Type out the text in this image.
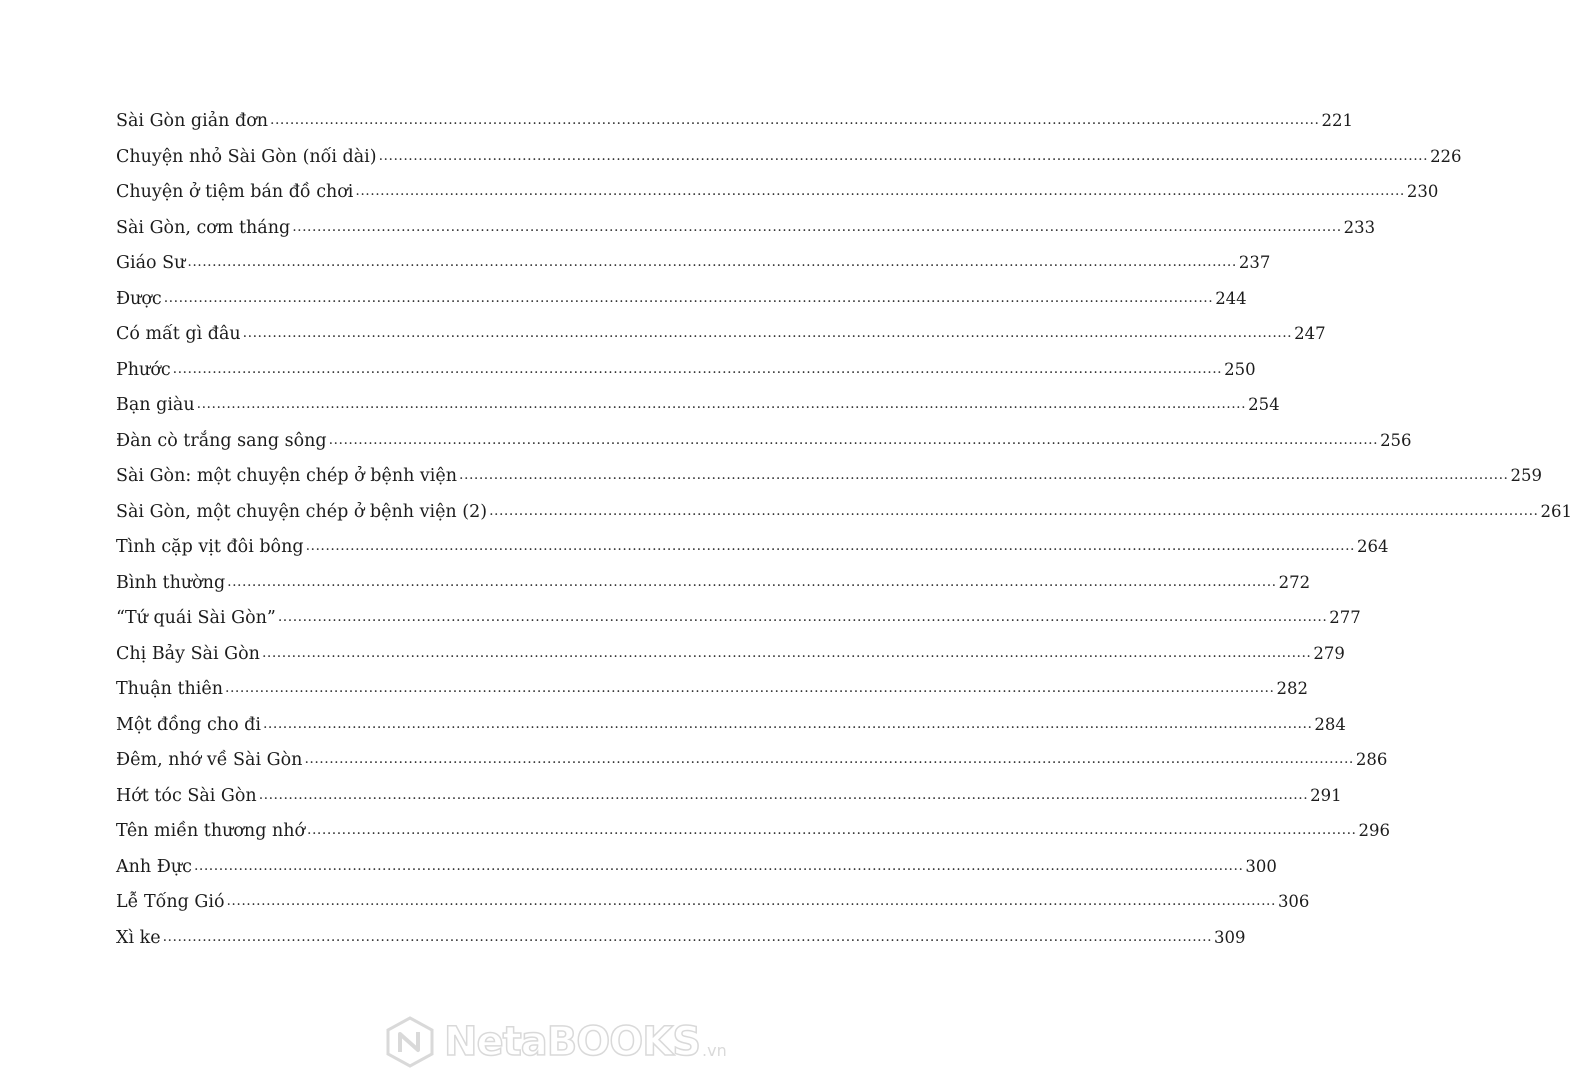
Sài Gòn giản đơn .....	221
Chuyện nhỏ Sài Gòn (nối dài) .....	226
Chuyện ở tiệm bán đồ chơi .....	230
Sài Gòn, cơm tháng .....	233
Giáo Sư .....	237
Được .....	244
Có mất gì đâu .....	247
Phước .....	250
Bạn giàu .....	254
Đàn cò trắng sang sông .....	256
Sài Gòn: một chuyện chép ở bệnh viện .....	259
Sài Gòn, một chuyện chép ở bệnh viện (2) .....	261
Tình cặp vịt đôi bông .....	264
Bình thường .....	272
“Tứ quái Sài Gòn” .....	277
Chị Bảy Sài Gòn .....	279
Thuận thiên .....	282
Một đồng cho đi .....	284
Đêm, nhớ về Sài Gòn .....	286
Hớt tóc Sài Gòn .....	291
Tên miền thương nhớ .....	296
Anh Đực .....	300
Lễ Tống Gió .....	306
Xì ke .....	309
NetaBOOKS .vn
